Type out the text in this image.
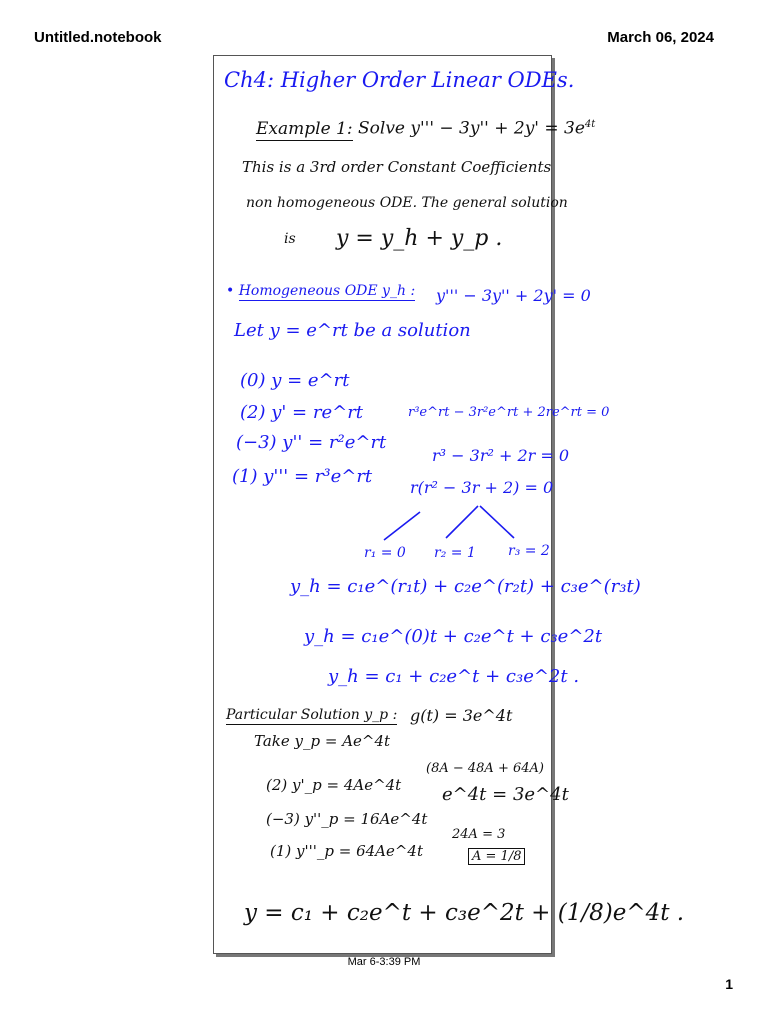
Untitled.notebook	March 06, 2024
Ch4: Higher Order Linear ODEs.
Example 1: Solve $y''' - 3y'' + 2y' = 3e^{4t}$
This is a 3rd order Constant Coefficients
non homogeneous ODE. The general solution
is y = y_h + y_p .
• Homogeneous ODE y_h : y''' − 3y'' + 2y' = 0
Let y = e^rt be a solution
(0) y = e^rt
(2) y' = re^rt
(−3) y'' = r²e^rt
(1) y''' = r³e^rt
r³e^rt − 3r²e^rt + 2re^rt = 0
r³ − 3r² + 2r = 0
r(r² − 3r + 2) = 0
r₁ = 0 r₂ = 1 r₃ = 2
y_h = c₁e^(r₁t) + c₂e^(r₂t) + c₃e^(r₃t)
y_h = c₁e^(0)t + c₂e^t + c₃e^2t
y_h = c₁ + c₂e^t + c₃e^2t .
Particular Solution y_p : g(t) = 3e^4t
Take y_p = Ae^4t
(2) y'_p = 4Ae^4t
(−3) y''_p = 16Ae^4t
(1) y'''_p = 64Ae^4t
(8A − 48A + 64A)
e^4t = 3e^4t
24A = 3
A = 1/8
y = c₁ + c₂e^t + c₃e^2t + (1/8)e^4t .
Mar 6-3:39 PM
1
